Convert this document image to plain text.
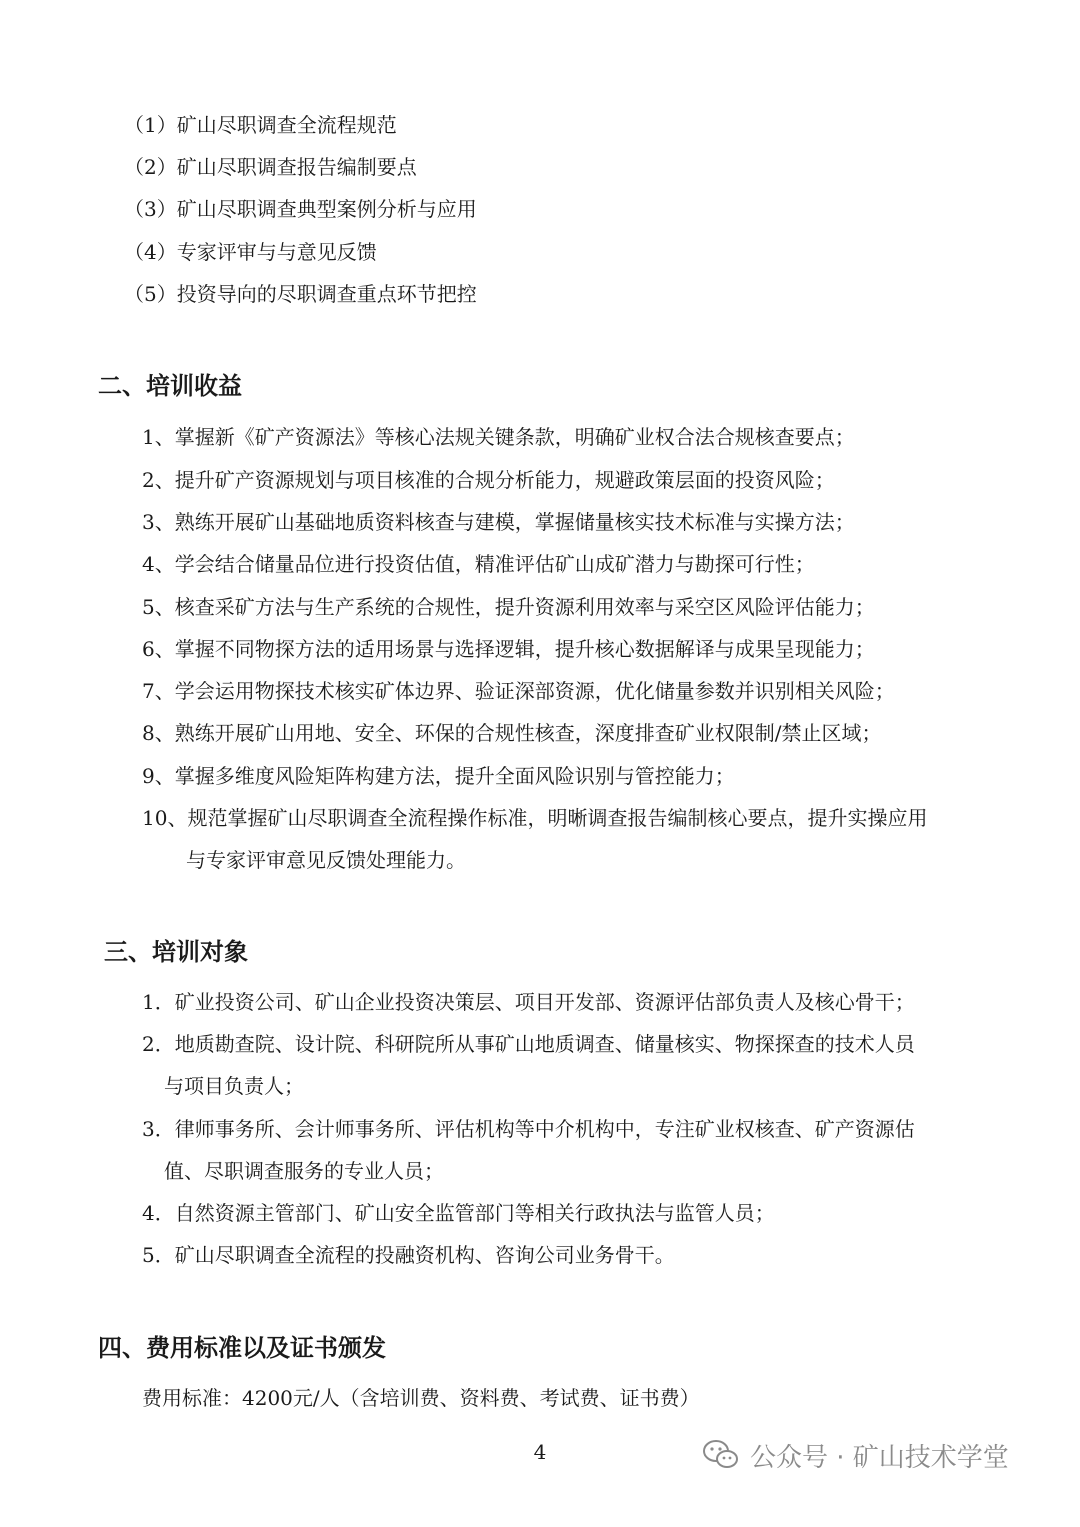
（1）矿山尽职调查全流程规范
（2）矿山尽职调查报告编制要点
（3）矿山尽职调查典型案例分析与应用
（4）专家评审与与意见反馈
（5）投资导向的尽职调查重点环节把控
二、培训收益
1、掌握新《矿产资源法》等核心法规关键条款，明确矿业权合法合规核查要点；
2、提升矿产资源规划与项目核准的合规分析能力，规避政策层面的投资风险；
3、熟练开展矿山基础地质资料核查与建模，掌握储量核实技术标准与实操方法；
4、学会结合储量品位进行投资估值，精准评估矿山成矿潜力与勘探可行性；
5、核查采矿方法与生产系统的合规性，提升资源利用效率与采空区风险评估能力；
6、掌握不同物探方法的适用场景与选择逻辑，提升核心数据解译与成果呈现能力；
7、学会运用物探技术核实矿体边界、验证深部资源，优化储量参数并识别相关风险；
8、熟练开展矿山用地、安全、环保的合规性核查，深度排查矿业权限制/禁止区域；
9、掌握多维度风险矩阵构建方法，提升全面风险识别与管控能力；
10、规范掌握矿山尽职调查全流程操作标准，明晰调查报告编制核心要点，提升实操应用
与专家评审意见反馈处理能力。
三、培训对象
1．矿业投资公司、矿山企业投资决策层、项目开发部、资源评估部负责人及核心骨干；
2．地质勘查院、设计院、科研院所从事矿山地质调查、储量核实、物探探查的技术人员
与项目负责人；
3．律师事务所、会计师事务所、评估机构等中介机构中，专注矿业权核查、矿产资源估
值、尽职调查服务的专业人员；
4．自然资源主管部门、矿山安全监管部门等相关行政执法与监管人员；
5．矿山尽职调查全流程的投融资机构、咨询公司业务骨干。
四、费用标准以及证书颁发
费用标准：4200元/人（含培训费、资料费、考试费、证书费）
4	公众号 · 矿山技术学堂
